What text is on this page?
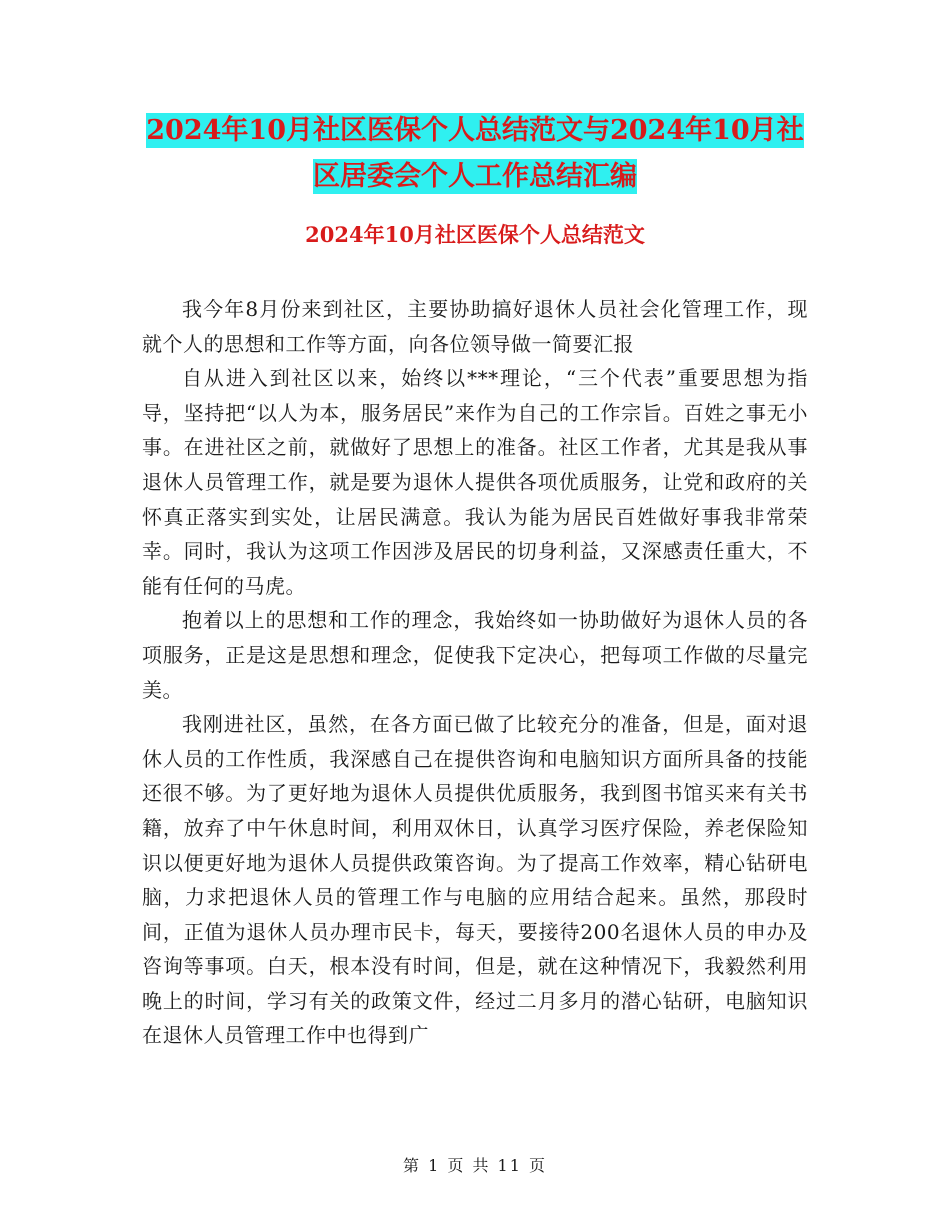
2024年10月社区医保个人总结范文与2024年10月社区居委会个人工作总结汇编
2024年10月社区医保个人总结范文

我今年8月份来到社区，主要协助搞好退休人员社会化管理工作，现就个人的思想和工作等方面，向各位领导做一简要汇报

自从进入到社区以来，始终以***理论，“三个代表”重要思想为指导，坚持把“以人为本，服务居民”来作为自己的工作宗旨。百姓之事无小事。在进社区之前，就做好了思想上的准备。社区工作者，尤其是我从事退休人员管理工作，就是要为退休人提供各项优质服务，让党和政府的关怀真正落实到实处，让居民满意。我认为能为居民百姓做好事我非常荣幸。同时，我认为这项工作因涉及居民的切身利益，又深感责任重大，不能有任何的马虎。

抱着以上的思想和工作的理念，我始终如一协助做好为退休人员的各项服务，正是这是思想和理念，促使我下定决心，把每项工作做的尽量完美。

我刚进社区，虽然，在各方面已做了比较充分的准备，但是，面对退休人员的工作性质，我深感自己在提供咨询和电脑知识方面所具备的技能还很不够。为了更好地为退休人员提供优质服务，我到图书馆买来有关书籍，放弃了中午休息时间，利用双休日，认真学习医疗保险，养老保险知识以便更好地为退休人员提供政策咨询。为了提高工作效率，精心钻研电脑，力求把退休人员的管理工作与电脑的应用结合起来。虽然，那段时间，正值为退休人员办理市民卡，每天，要接待200名退休人员的申办及咨询等事项。白天，根本没有时间，但是，就在这种情况下，我毅然利用晚上的时间，学习有关的政策文件，经过二月多月的潜心钻研，电脑知识在退休人员管理工作中也得到广

第 1 页 共 11 页
